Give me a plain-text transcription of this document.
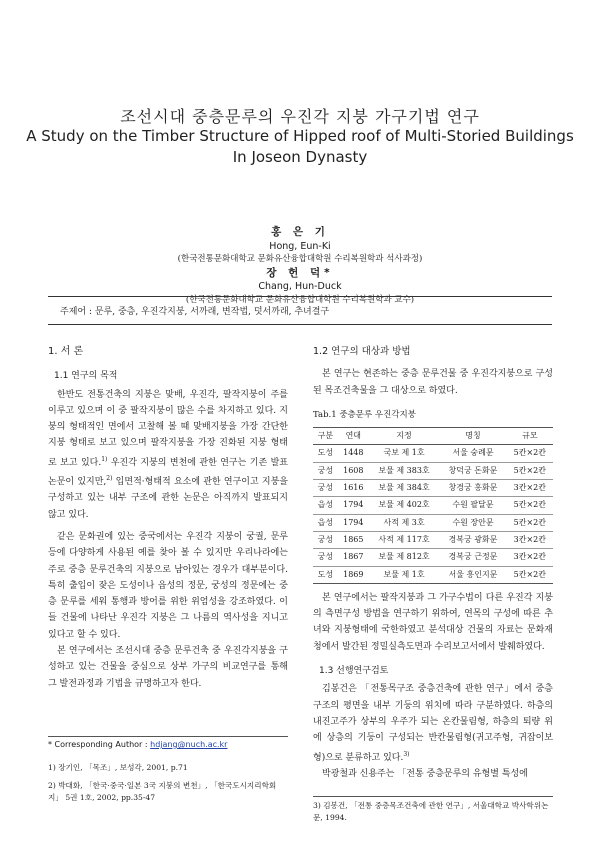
조선시대 중층문루의 우진각 지붕 가구기법 연구
A Study on the Timber Structure of Hipped roof of Multi-Storied Buildings
In Joseon Dynasty
홍 은 기
Hong, Eun-Ki
(한국전통문화대학교 문화유산융합대학원 수리복원학과 석사과정)
장 헌 덕*
Chang, Hun-Duck
(한국전통문화대학교 문화유산융합대학원 수리복원학과 교수)
주제어 : 문루, 중층, 우진각지붕, 서까래, 변작법, 덧서까래, 추녀결구
1. 서 론
1.1 연구의 목적

한반도 전통건축의 지붕은 맞배, 우진각, 팔작지붕이 주를 이루고 있으며 이 중 팔작지붕이 많은 수를 차지하고 있다. 지붕의 형태적인 면에서 고찰해 볼 때 맞배지붕을 가장 간단한 지붕 형태로 보고 있으며 팔작지붕을 가장 진화된 지붕 형태로 보고 있다.$^{1)}$ 우진각 지붕의 변천에 관한 연구는 기존 발표논문이 있지만,$^{2)}$ 입면적·형태적 요소에 관한 연구이고 지붕을 구성하고 있는 내부 구조에 관한 논문은 아직까지 발표되지 않고 있다.

같은 문화권에 있는 중국에서는 우진각 지붕이 궁궐, 문루 등에 다양하게 사용된 예를 찾아 볼 수 있지만 우리나라에는 주로 중층 문루건축의 지붕으로 남아있는 경우가 대부분이다. 특히 출입이 잦은 도성이나 읍성의 정문, 궁성의 정문에는 중층 문루를 세워 통행과 방어를 위한 위엄성을 강조하였다. 이들 건물에 나타난 우진각 지붕은 그 나름의 역사성을 지니고 있다고 할 수 있다.

본 연구에서는 조선시대 중층 문루건축 중 우진각지붕을 구성하고 있는 건물을 중심으로 상부 가구의 비교연구를 통해 그 발전과정과 기법을 규명하고자 한다.

* Corresponding Author : hdjang@nuch.ac.kr
1) 장기인, 「목조」, 보성각, 2001, p.71
2) 박대화, 「한국·중국·일본 3국 지붕의 변천」, 「한국도시지리학회지」 5권 1호, 2002, pp.35-47
1.2 연구의 대상과 방법

본 연구는 현존하는 중층 문루건물 중 우진각지붕으로 구성된 목조건축물을 그 대상으로 하였다.

Tab.1 중층문루 우진각지붕
구분	연대	지정	명칭	규모
도성	1448	국보 제 1호	서울 숭례문	5칸×2칸
궁성	1608	보물 제 383호	창덕궁 돈화문	5칸×2칸
궁성	1616	보물 제 384호	창경궁 홍화문	3칸×2칸
읍성	1794	보물 제 402호	수원 팔달문	5칸×2칸
읍성	1794	사적 제 3호	수원 장안문	5칸×2칸
궁성	1865	사적 제 117호	경복궁 광화문	3칸×2칸
궁성	1867	보물 제 812호	경복궁 근정문	3칸×2칸
도성	1869	보물 제 1호	서울 흥인지문	5칸×2칸

본 연구에서는 팔작지붕과 그 가구수법이 다른 우진각 지붕의 측면구성 방법을 연구하기 위하여, 연목의 구성에 따른 추녀와 지붕형태에 국한하였고 분석대상 건물의 자료는 문화재청에서 발간된 정밀실측도면과 수리보고서에서 발췌하였다.

1.3 선행연구검토

김봉건은 「전통목구조 중층건축에 관한 연구」에서 중층구조의 평면을 내부 기둥의 위치에 따라 구분하였다. 하층의 내진고주가 상부의 우주가 되는 온칸물림형, 하층의 퇴량 위에 상층의 기둥이 구성되는 반칸물림형(귀고주형, 귀잡이보형)으로 분류하고 있다.$^{3)}$

박광철과 신용주는 「전통 중층문루의 유형별 특성에

3) 김봉건, 「전통 중층목조건축에 관한 연구」, 서울대학교 박사학위논문, 1994.
